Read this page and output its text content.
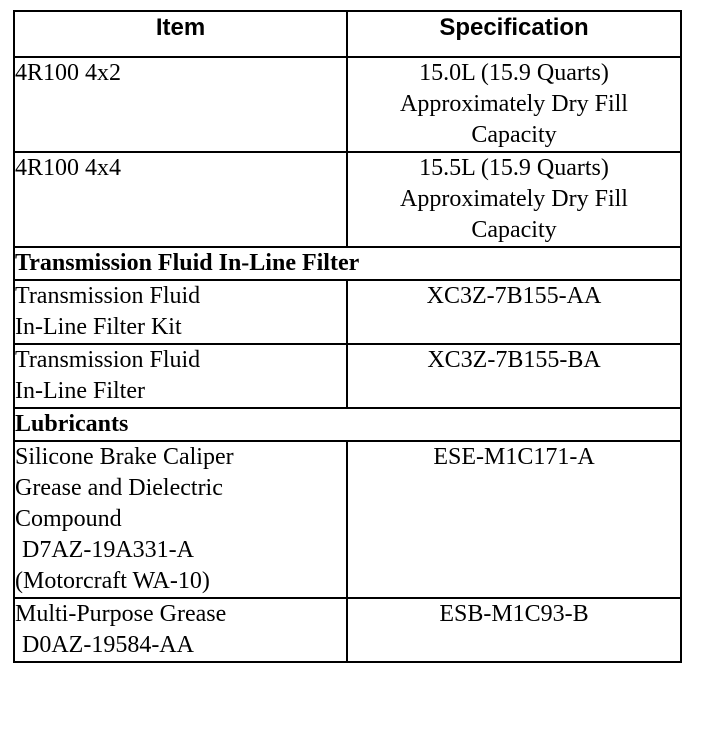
Item	Specification

4R100 4x2	15.0L (15.9 Quarts)
Approximately Dry Fill
Capacity

4R100 4x4	15.5L (15.9 Quarts)
Approximately Dry Fill
Capacity

Transmission Fluid In-Line Filter	

Transmission Fluid
In-Line Filter Kit	XC3Z-7B155-AA

Transmission Fluid
In-Line Filter	XC3Z-7B155-BA

Lubricants	

Silicone Brake Caliper
Grease and Dielectric
Compound
D7AZ-19A331-A
(Motorcraft WA-10)	ESE-M1C171-A

Multi-Purpose Grease
D0AZ-19584-AA	ESB-M1C93-B
